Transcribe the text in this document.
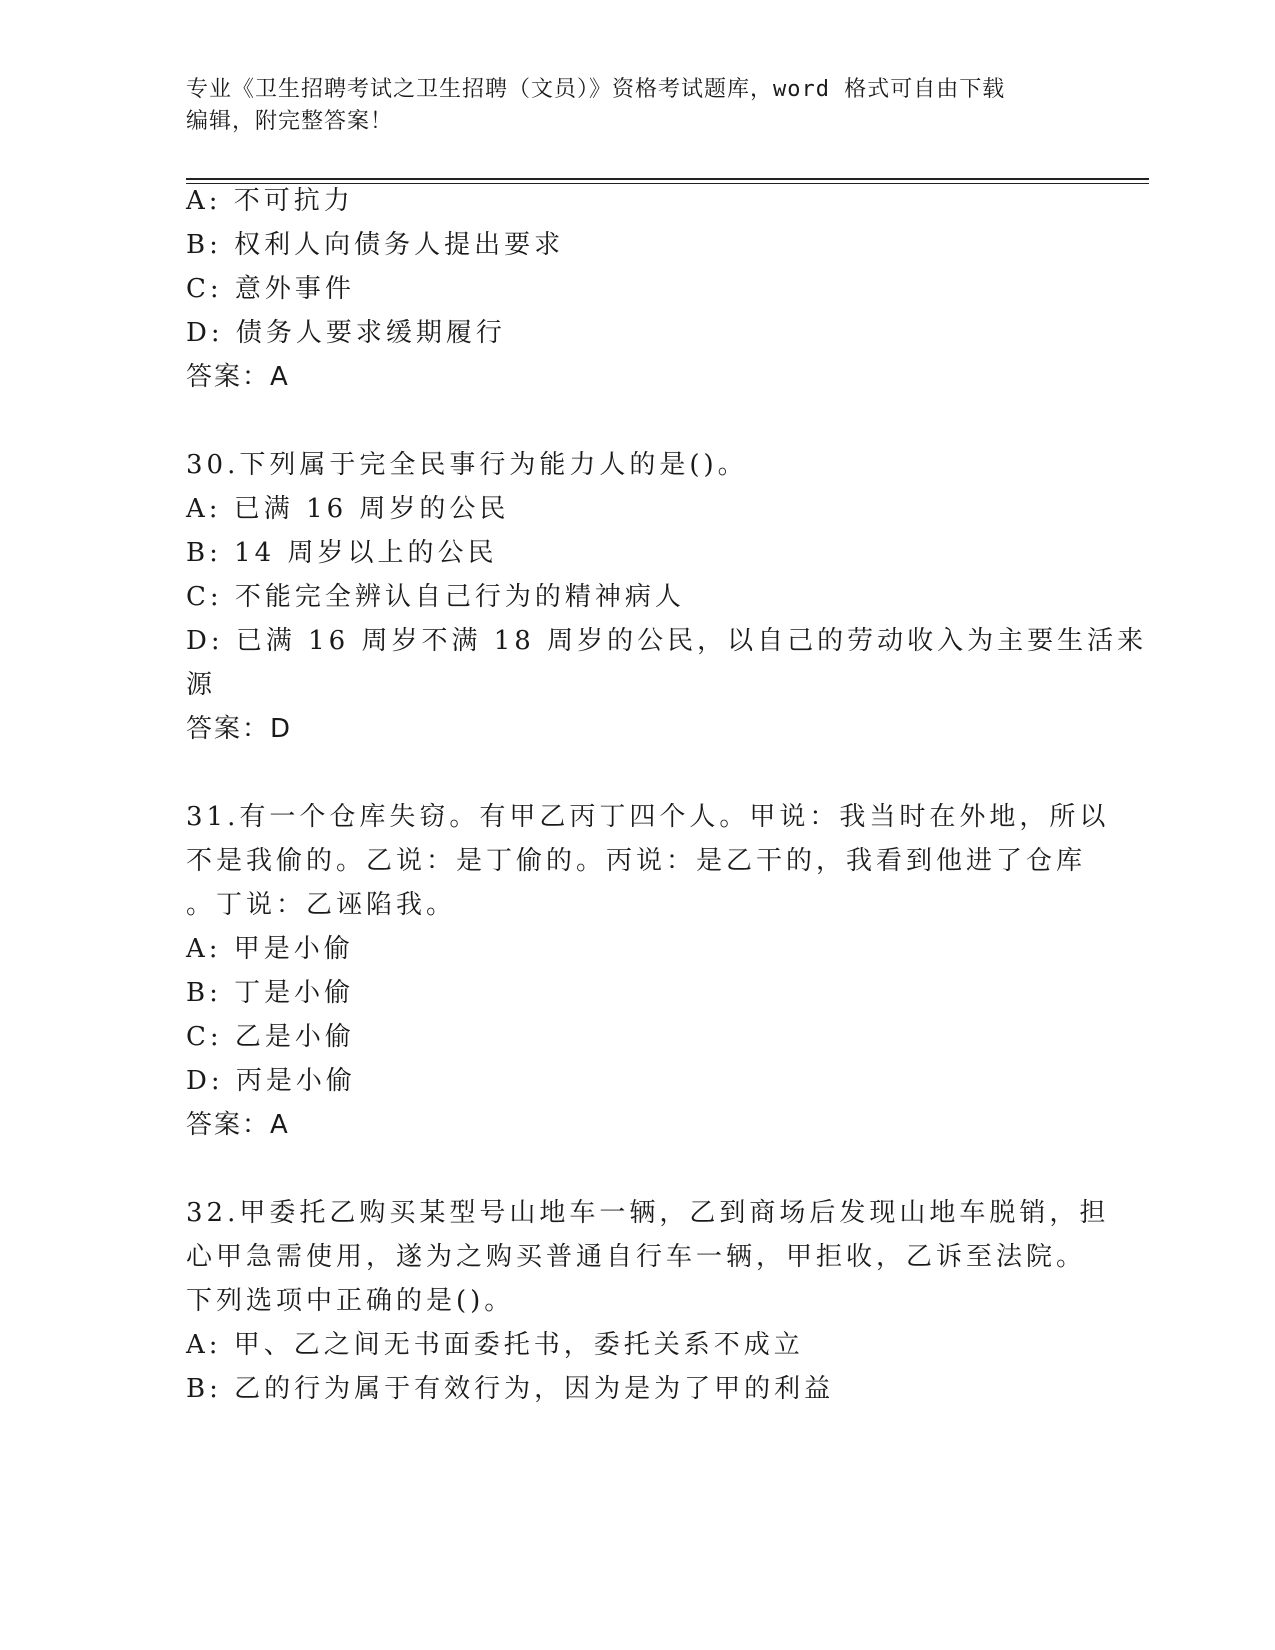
专业《卫生招聘考试之卫生招聘（文员）》资格考试题库，word 格式可自由下载
编辑，附完整答案！
A: 不可抗力
B: 权利人向债务人提出要求
C: 意外事件
D: 债务人要求缓期履行
答案：A
30.下列属于完全民事行为能力人的是()。
A: 已满 16 周岁的公民
B: 14 周岁以上的公民
C: 不能完全辨认自己行为的精神病人
D: 已满 16 周岁不满 18 周岁的公民，以自己的劳动收入为主要生活来
源
答案：D
31.有一个仓库失窃。有甲乙丙丁四个人。甲说：我当时在外地，所以
不是我偷的。乙说：是丁偷的。丙说：是乙干的，我看到他进了仓库
。丁说：乙诬陷我。
A: 甲是小偷
B: 丁是小偷
C: 乙是小偷
D: 丙是小偷
答案：A
32.甲委托乙购买某型号山地车一辆，乙到商场后发现山地车脱销，担
心甲急需使用，遂为之购买普通自行车一辆，甲拒收，乙诉至法院。
下列选项中正确的是()。
A: 甲、乙之间无书面委托书，委托关系不成立
B: 乙的行为属于有效行为，因为是为了甲的利益
